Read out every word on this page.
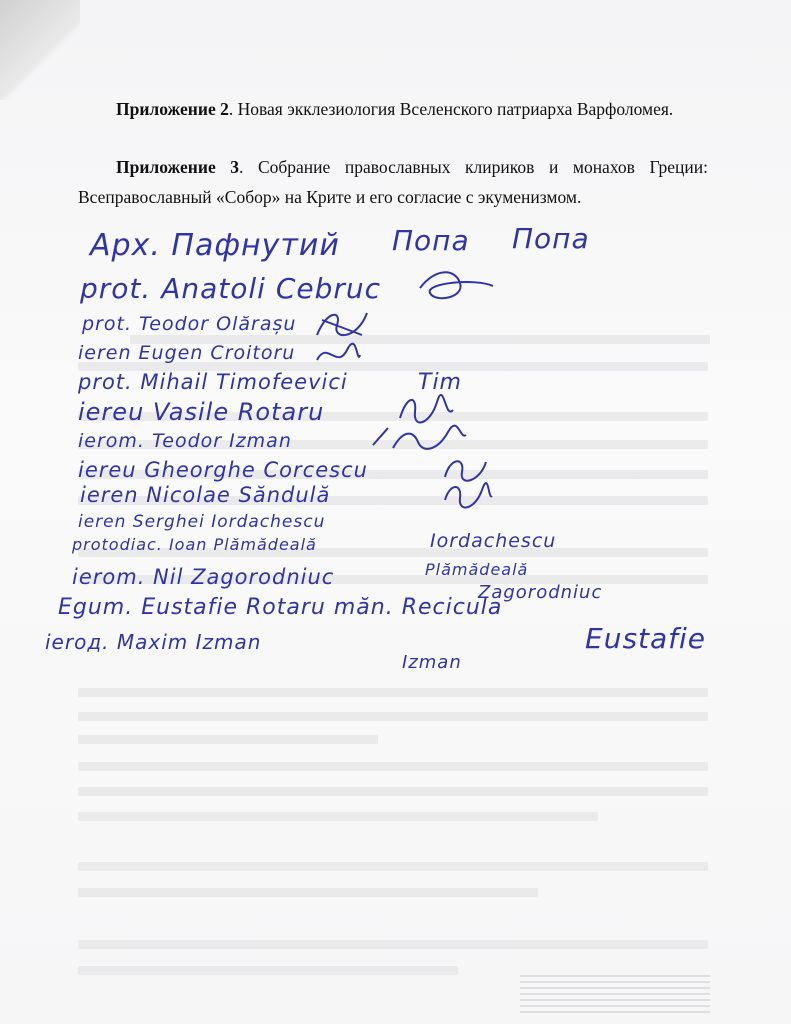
Приложение 2. Новая экклезиология Вселенского патриарха Варфоломея.

Приложение 3. Собрание православных клириков и монахов Греции: Всеправославный «Собор» на Крите и его согласие с экуменизмом.

Арх. Пафнутий Попа Попа
prot. Anatoli Cebruc
prot. Teodor Olărașu
ieren Eugen Croitoru
prot. Mihail Timofeevici	Tim
iereu Vasile Rotaru
ierom. Teodor Izman
iereu Gheorghe Corcescu
ieren Nicolae Săndulă
ieren Serghei Iordachescu
Iordachescu
protodiac. Ioan Plămădeală
Plămădeală
ierom. Nil Zagorodniuc
Zagorodniuc
Egum. Eustafie Rotaru măn. Recicula
Eustafie
ieroд. Maxim Izman
Izman
